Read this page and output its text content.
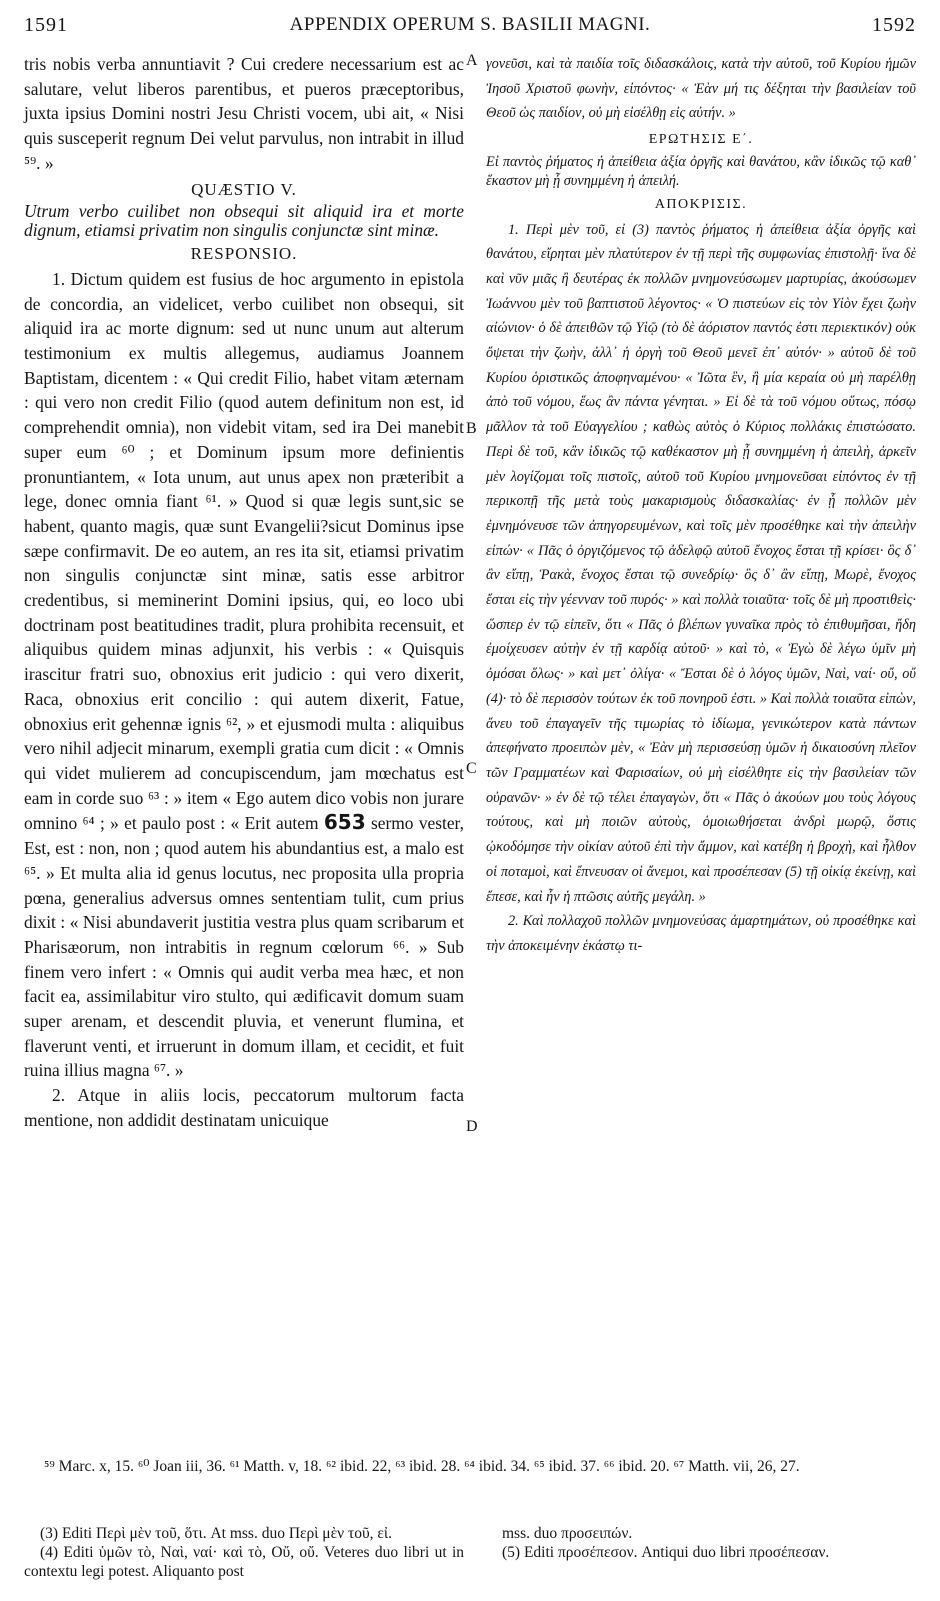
1591	APPENDIX OPERUM S. BASILII MAGNI.	1592

tris nobis verba annuntiavit ? Cui credere necessarium est ac salutare, velut liberos parentibus, et pueros præceptoribus, juxta ipsius Domini nostri Jesu Christi vocem, ubi ait, « Nisi quis susceperit regnum Dei velut parvulus, non intrabit in illud ⁵⁹. »

QUÆSTIO V.

Utrum verbo cuilibet non obsequi sit aliquid ira et morte dignum, etiamsi privatim non singulis conjunctæ sint minæ.

RESPONSIO.

1. Dictum quidem est fusius de hoc argumento in epistola de concordia, an videlicet, verbo cuilibet non obsequi, sit aliquid ira ac morte dignum: sed ut nunc unum aut alterum testimonium ex multis allegemus, audiamus Joannem Baptistam, dicentem : « Qui credit Filio, habet vitam æternam : qui vero non credit Filio (quod autem definitum non est, id comprehendit omnia), non videbit vitam, sed ira Dei manebit super eum ⁶⁰ ; et Dominum ipsum more definientis pronuntiantem, « Iota unum, aut unus apex non præteribit a lege, donec omnia fiant ⁶¹. » Quod si quæ legis sunt,sic se habent, quanto magis, quæ sunt Evangelii?sicut Dominus ipse sæpe confirmavit. De eo autem, an res ita sit, etiamsi privatim non singulis conjunctæ sint minæ, satis esse arbitror credentibus, si meminerint Domini ipsius, qui, eo loco ubi doctrinam post beatitudines tradit, plura prohibita recensuit, et aliquibus quidem minas adjunxit, his verbis : « Quisquis irascitur fratri suo, obnoxius erit judicio : qui vero dixerit, Raca, obnoxius erit concilio : qui autem dixerit, Fatue, obnoxius erit gehennæ ignis ⁶², » et ejusmodi multa : aliquibus vero nihil adjecit minarum, exempli gratia cum dicit : « Omnis qui videt mulierem ad concupiscendum, jam mœchatus est eam in corde suo ⁶³ : » item « Ego autem dico vobis non jurare omnino ⁶⁴ ; » et paulo post : « Erit autem 653 sermo vester, Est, est : non, non ; quod autem his abundantius est, a malo est ⁶⁵. » Et multa alia id genus locutus, nec proposita ulla propria pœna, generalius adversus omnes sententiam tulit, cum prius dixit : « Nisi abundaverit justitia vestra plus quam scribarum et Pharisæorum, non intrabitis in regnum cœlorum ⁶⁶. » Sub finem vero infert : « Omnis qui audit verba mea hæc, et non facit ea, assimilabitur viro stulto, qui ædificavit domum suam super arenam, et descendit pluvia, et venerunt flumina, et flaverunt venti, et irruerunt in domum illam, et cecidit, et fuit ruina illius magna ⁶⁷. »

2. Atque in aliis locis, peccatorum multorum facta mentione, non addidit destinatam unicuique

A
B
C
D

γονεῦσι, καὶ τὰ παιδία τοῖς διδασκάλοις, κατὰ τὴν αὐτοῦ, τοῦ Κυρίου ἡμῶν Ἰησοῦ Χριστοῦ φωνὴν, εἰπόντος· « Ἐὰν μή τις δέξηται τὴν βασιλείαν τοῦ Θεοῦ ὡς παιδίον, οὐ μὴ εἰσέλθῃ εἰς αὐτήν. »

ΕΡΩΤΗΣΙΣ Ε΄.

Εἰ παντὸς ῥήματος ἡ ἀπείθεια ἀξία ὀργῆς καὶ θανάτου, κἂν ἰδικῶς τῷ καθ᾽ ἕκαστον μὴ ᾖ συνημμένη ἡ ἀπειλή.

ΑΠΟΚΡΙΣΙΣ.

1. Περὶ μὲν τοῦ, εἰ (3) παντὸς ῥήματος ἡ ἀπείθεια ἀξία ὀργῆς καὶ θανάτου, εἴρηται μὲν πλατύτερον ἐν τῇ περὶ τῆς συμφωνίας ἐπιστολῇ· ἵνα δὲ καὶ νῦν μιᾶς ἢ δευτέρας ἐκ πολλῶν μνημονεύσωμεν μαρτυρίας, ἀκούσωμεν Ἰωάννου μὲν τοῦ βαπτιστοῦ λέγοντος· « Ὁ πιστεύων εἰς τὸν Υἱὸν ἔχει ζωὴν αἰώνιον· ὁ δὲ ἀπειθῶν τῷ Υἱῷ (τὸ δὲ ἀόριστον παντός ἐστι περιεκτικόν) οὐκ ὄψεται τὴν ζωὴν, ἀλλ᾽ ἡ ὀργὴ τοῦ Θεοῦ μενεῖ ἐπ᾽ αὐτόν· » αὐτοῦ δὲ τοῦ Κυρίου ὁριστικῶς ἀποφηναμένου· « Ἰῶτα ἓν, ἢ μία κεραία οὐ μὴ παρέλθῃ ἀπὸ τοῦ νόμου, ἕως ἂν πάντα γένηται. » Εἰ δὲ τὰ τοῦ νόμου οὕτως, πόσῳ μᾶλλον τὰ τοῦ Εὐαγγελίου ; καθὼς αὐτὸς ὁ Κύριος πολλάκις ἐπιστώσατο. Περὶ δὲ τοῦ, κἂν ἰδικῶς τῷ καθέκαστον μὴ ᾖ συνημμένη ἡ ἀπειλὴ, ἀρκεῖν μὲν λογίζομαι τοῖς πιστοῖς, αὐτοῦ τοῦ Κυρίου μνημονεῦσαι εἰπόντος ἐν τῇ περικοπῇ τῆς μετὰ τοὺς μακαρισμοὺς διδασκαλίας· ἐν ᾗ πολλῶν μὲν ἐμνημόνευσε τῶν ἀπηγορευμένων, καὶ τοῖς μὲν προσέθηκε καὶ τὴν ἀπειλὴν εἰπών· « Πᾶς ὁ ὀργιζόμενος τῷ ἀδελφῷ αὐτοῦ ἔνοχος ἔσται τῇ κρίσει· ὃς δ᾽ ἂν εἴπῃ, Ῥακὰ, ἔνοχος ἔσται τῷ συνεδρίῳ· ὃς δ᾽ ἂν εἴπῃ, Μωρὲ, ἔνοχος ἔσται εἰς τὴν γέενναν τοῦ πυρός· » καὶ πολλὰ τοιαῦτα· τοῖς δὲ μὴ προστιθεὶς· ὥσπερ ἐν τῷ εἰπεῖν, ὅτι « Πᾶς ὁ βλέπων γυναῖκα πρὸς τὸ ἐπιθυμῆσαι, ἤδη ἐμοίχευσεν αὐτὴν ἐν τῇ καρδίᾳ αὐτοῦ· » καὶ τὸ, « Ἐγὼ δὲ λέγω ὑμῖν μὴ ὀμόσαι ὅλως· » καὶ μετ᾽ ὀλίγα· « Ἔσται δὲ ὁ λόγος ὑμῶν, Ναὶ, ναί· οὔ, οὔ (4)· τὸ δὲ περισσὸν τούτων ἐκ τοῦ πονηροῦ ἐστι. » Καὶ πολλὰ τοιαῦτα εἰπὼν, ἄνευ τοῦ ἐπαγαγεῖν τῆς τιμωρίας τὸ ἰδίωμα, γενικώτερον κατὰ πάντων ἀπεφήνατο προειπὼν μὲν, « Ἐὰν μὴ περισσεύσῃ ὑμῶν ἡ δικαιοσύνη πλεῖον τῶν Γραμματέων καὶ Φαρισαίων, οὐ μὴ εἰσέλθητε εἰς τὴν βασιλείαν τῶν οὐρανῶν· » ἐν δὲ τῷ τέλει ἐπαγαγὼν, ὅτι « Πᾶς ὁ ἀκούων μου τοὺς λόγους τούτους, καὶ μὴ ποιῶν αὐτοὺς, ὁμοιωθήσεται ἀνδρὶ μωρῷ, ὅστις ᾠκοδόμησε τὴν οἰκίαν αὐτοῦ ἐπὶ τὴν ἄμμον, καὶ κατέβη ἡ βροχὴ, καὶ ἦλθον οἱ ποταμοὶ, καὶ ἔπνευσαν οἱ ἄνεμοι, καὶ προσέπεσαν (5) τῇ οἰκίᾳ ἐκείνῃ, καὶ ἔπεσε, καὶ ἦν ἡ πτῶσις αὐτῆς μεγάλη. »

2. Καὶ πολλαχοῦ πολλῶν μνημονεύσας ἁμαρτημάτων, οὐ προσέθηκε καὶ τὴν ἀποκειμένην ἑκάστῳ τι-

⁵⁹ Marc. x, 15. ⁶⁰ Joan iii, 36. ⁶¹ Matth. v, 18. ⁶² ibid. 22, ⁶³ ibid. 28. ⁶⁴ ibid. 34. ⁶⁵ ibid. 37. ⁶⁶ ibid. 20. ⁶⁷ Matth. vii, 26, 27.

(3) Editi Περὶ μὲν τοῦ, ὅτι. At mss. duo Περὶ μὲν τοῦ, εἰ.

(4) Editi ὑμῶν τὸ, Ναὶ, ναί· καὶ τὸ, Οὔ, οὔ. Veteres duo libri ut in contextu legi potest. Aliquanto post

mss. duo προσειπών.

(5) Editi προσέπεσον. Antiqui duo libri προσέπεσαν.
